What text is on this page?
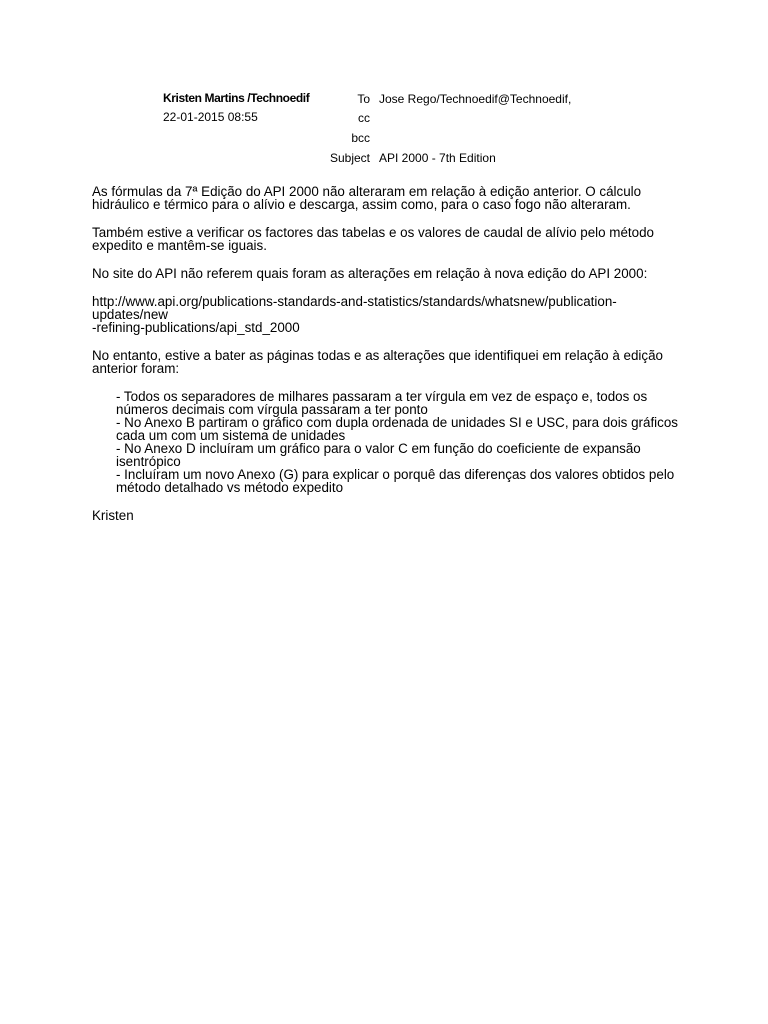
Kristen Martins /Technoedif
22-01-2015 08:55
To Jose Rego/Technoedif@Technoedif,
cc
bcc
Subject API 2000 - 7th Edition

As fórmulas da 7ª Edição do API 2000 não alteraram em relação à edição anterior. O cálculo
hidráulico e térmico para o alívio e descarga, assim como, para o caso fogo não alteraram.

Também estive a verificar os factores das tabelas e os valores de caudal de alívio pelo método
expedito e mantêm-se iguais.

No site do API não referem quais foram as alterações em relação à nova edição do API 2000:

http://www.api.org/publications-standards-and-statistics/standards/whatsnew/publication-updates/new
-refining-publications/api_std_2000

No entanto, estive a bater as páginas todas e as alterações que identifiquei em relação à edição
anterior foram:

- Todos os separadores de milhares passaram a ter vírgula em vez de espaço e, todos os
números decimais com vírgula passaram a ter ponto
- No Anexo B partiram o gráfico com dupla ordenada de unidades SI e USC, para dois gráficos
cada um com um sistema de unidades
- No Anexo D incluíram um gráfico para o valor C em função do coeficiente de expansão
isentrópico
- Incluíram um novo Anexo (G) para explicar o porquê das diferenças dos valores obtidos pelo
método detalhado vs método expedito

Kristen
